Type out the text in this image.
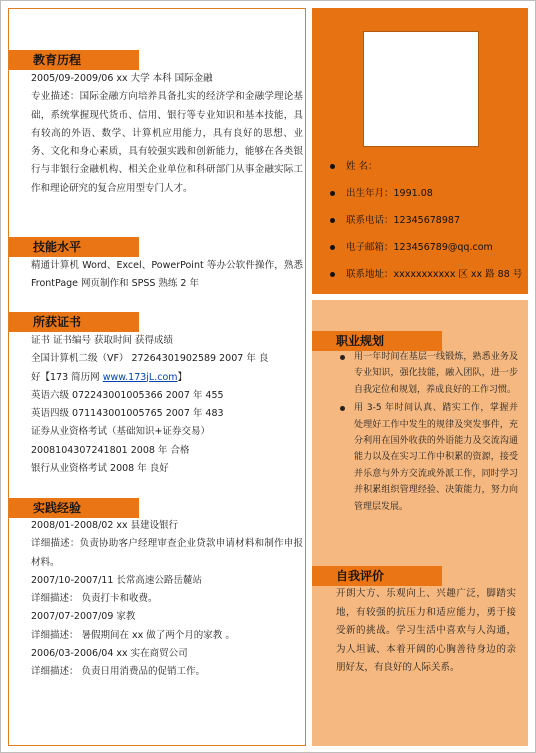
教育历程

2005/09-2009/06 xx 大学 本科 国际金融

专业描述：国际金融方向培养具备扎实的经济学和金融学理论基础，系统掌握现代货币、信用、银行等专业知识和基本技能，具有较高的外语、数学、计算机应用能力，具有良好的思想、业务、文化和身心素质，具有较强实践和创新能力，能够在各类银行与非银行金融机构、相关企业单位和科研部门从事金融实际工作和理论研究的复合应用型专门人才。

技能水平

精通计算机 Word、Excel、PowerPoint 等办公软件操作，熟悉 FrontPage 网页制作和 SPSS 熟练 2 年

所获证书

证书 证书编号 获取时间 获得成绩

全国计算机二级（VF） 27264301902589 2007 年 良

好【173 简历网 www.173jL.com】

英语六级 072243001005366 2007 年 455

英语四级 071143001005765 2007 年 483

证券从业资格考试（基础知识+证券交易）

2008104307241801 2008 年 合格

银行从业资格考试 2008 年 良好

实践经验

2008/01-2008/02 xx 县建设银行

详细描述：负责协助客户经理审查企业贷款申请材料和制作申报材料。

2007/10-2007/11 长常高速公路岳麓站

详细描述： 负责打卡和收费。

2007/07-2007/09 家教

详细描述： 暑假期间在 xx 做了两个月的家教 。

2006/03-2006/04 xx 实在商贸公司

详细描述： 负责日用消费品的促销工作。

姓 名：
出生年月：1991.08
联系电话：12345678987
电子邮箱：123456789@qq.com
联系地址：xxxxxxxxxxx 区 xx 路 88 号
职业规划
用一年时间在基层一线锻炼，熟悉业务及专业知识，强化技能，融入团队，进一步自我定位和规划，养成良好的工作习惯。
用 3-5 年时间认真、踏实工作，掌握并处理好工作中发生的规律及突发事件，充分利用在国外收获的外语能力及交流沟通能力以及在实习工作中积累的资源，接受并乐意与外方交流或外派工作，同时学习并积累组织管理经验、决策能力，努力向管理层发展。
自我评价
开朗大方、乐观向上、兴趣广泛，脚踏实地，有较强的抗压力和适应能力，勇于接受新的挑战。学习生活中喜欢与人沟通，为人坦诚、本着开阔的心胸善待身边的亲朋好友，有良好的人际关系。
